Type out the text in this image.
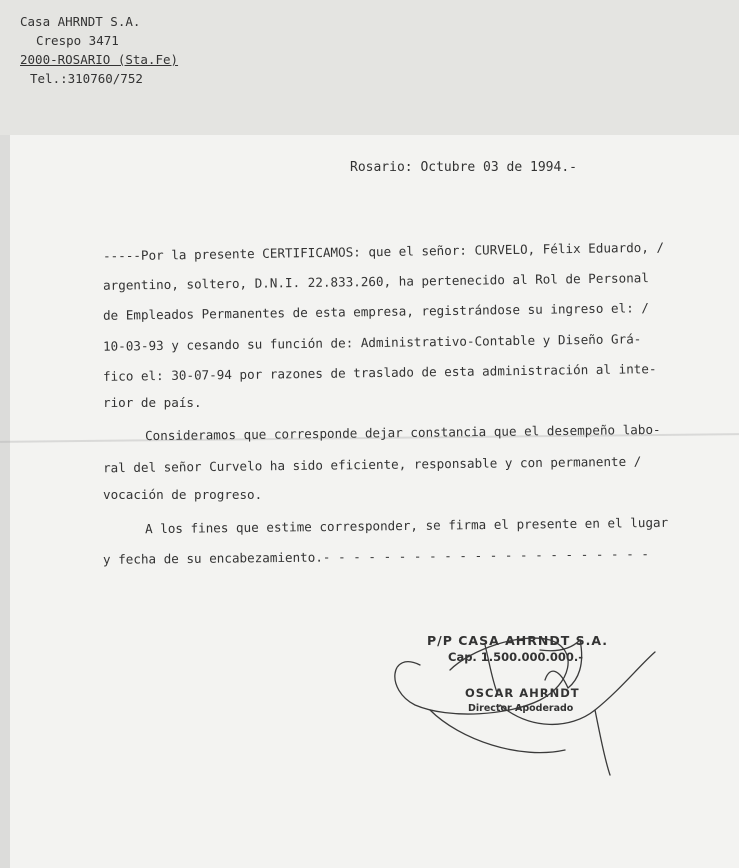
Casa AHRNDT S.A.
Crespo 3471
2000-ROSARIO (Sta.Fe)
Tel.:310760/752
Rosario: Octubre 03 de 1994.-
-----Por la presente CERTIFICAMOS: que el señor: CURVELO, Félix Eduardo, /
argentino, soltero, D.N.I. 22.833.260, ha pertenecido al Rol de Personal
de Empleados Permanentes de esta empresa, registrándose su ingreso el: /
10-03-93 y cesando su función de: Administrativo-Contable y Diseño Grá-
fico el: 30-07-94 por razones de traslado de esta administración al inte-
rior de país.
Consideramos que corresponde dejar constancia que el desempeño labo-
ral del señor Curvelo ha sido eficiente, responsable y con permanente /
vocación de progreso.
A los fines que estime corresponder, se firma el presente en el lugar
y fecha de su encabezamiento.- - - - - - - - - - - - - - - - - - - - - -
P/P CASA AHRNDT S.A.
Cap. 1.500.000.000.-
OSCAR AHRNDT
Director Apoderado
